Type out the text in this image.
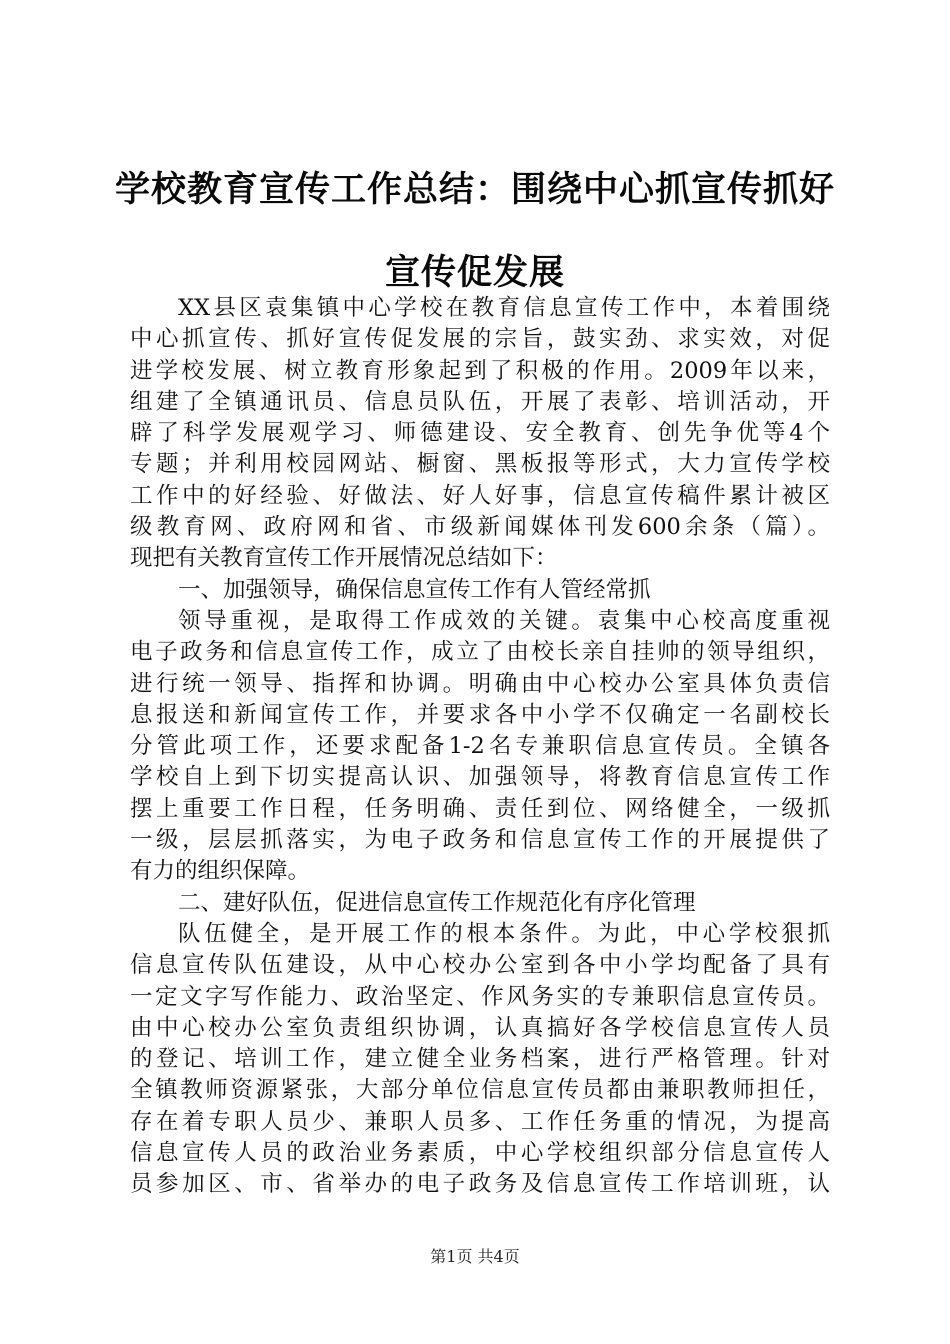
学校教育宣传工作总结：围绕中心抓宣传抓好
宣传促发展
XX县区袁集镇中心学校在教育信息宣传工作中，本着围绕
中心抓宣传、抓好宣传促发展的宗旨，鼓实劲、求实效，对促
进学校发展、树立教育形象起到了积极的作用。2009年以来，
组建了全镇通讯员、信息员队伍，开展了表彰、培训活动，开
辟了科学发展观学习、师德建设、安全教育、创先争优等4个
专题；并利用校园网站、橱窗、黑板报等形式，大力宣传学校
工作中的好经验、好做法、好人好事，信息宣传稿件累计被区
级教育网、政府网和省、市级新闻媒体刊发600余条（篇）。
现把有关教育宣传工作开展情况总结如下：
一、加强领导，确保信息宣传工作有人管经常抓
领导重视，是取得工作成效的关键。袁集中心校高度重视
电子政务和信息宣传工作，成立了由校长亲自挂帅的领导组织，
进行统一领导、指挥和协调。明确由中心校办公室具体负责信
息报送和新闻宣传工作，并要求各中小学不仅确定一名副校长
分管此项工作，还要求配备1-2名专兼职信息宣传员。全镇各
学校自上到下切实提高认识、加强领导，将教育信息宣传工作
摆上重要工作日程，任务明确、责任到位、网络健全，一级抓
一级，层层抓落实，为电子政务和信息宣传工作的开展提供了
有力的组织保障。
二、建好队伍，促进信息宣传工作规范化有序化管理
队伍健全，是开展工作的根本条件。为此，中心学校狠抓
信息宣传队伍建设，从中心校办公室到各中小学均配备了具有
一定文字写作能力、政治坚定、作风务实的专兼职信息宣传员。
由中心校办公室负责组织协调，认真搞好各学校信息宣传人员
的登记、培训工作，建立健全业务档案，进行严格管理。针对
全镇教师资源紧张，大部分单位信息宣传员都由兼职教师担任，
存在着专职人员少、兼职人员多、工作任务重的情况，为提高
信息宣传人员的政治业务素质，中心学校组织部分信息宣传人
员参加区、市、省举办的电子政务及信息宣传工作培训班，认
第1页 共4页
